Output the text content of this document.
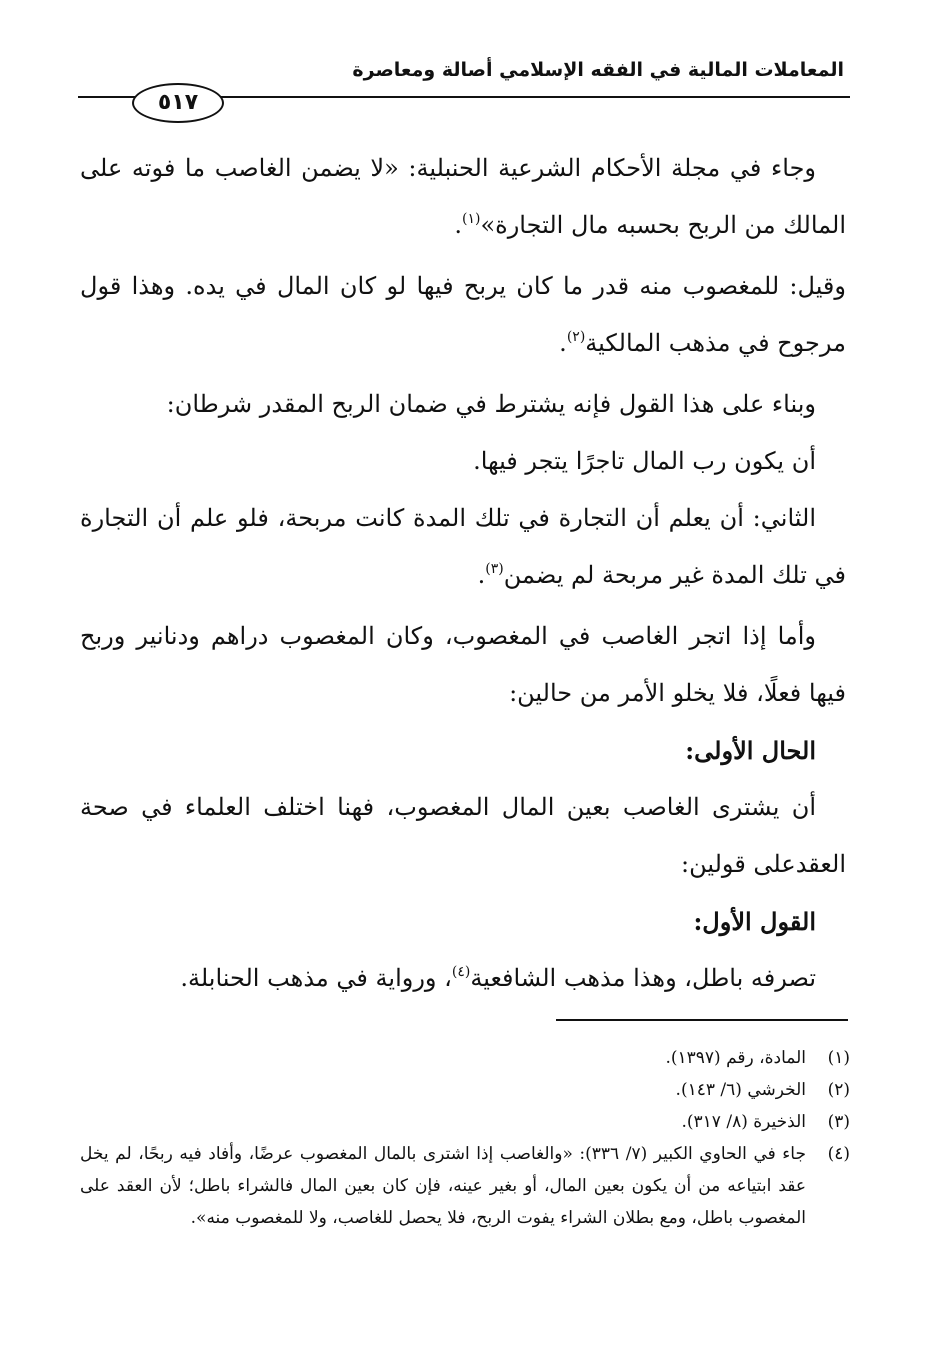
المعاملات المالية في الفقه الإسلامي أصالة ومعاصرة
٥١٧

وجاء في مجلة الأحكام الشرعية الحنبلية: «لا يضمن الغاصب ما فوته على المالك من الربح بحسبه مال التجارة»$^{(١)}$.

وقيل: للمغصوب منه قدر ما كان يربح فيها لو كان المال في يده. وهذا قول مرجوح في مذهب المالكية$^{(٢)}$.

وبناء على هذا القول فإنه يشترط في ضمان الربح المقدر شرطان:

أن يكون رب المال تاجرًا يتجر فيها.

الثاني: أن يعلم أن التجارة في تلك المدة كانت مربحة، فلو علم أن التجارة في تلك المدة غير مربحة لم يضمن$^{(٣)}$.

وأما إذا اتجر الغاصب في المغصوب، وكان المغصوب دراهم ودنانير وربح فيها فعلًا، فلا يخلو الأمر من حالين:

الحال الأولى:

أن يشترى الغاصب بعين المال المغصوب، فهنا اختلف العلماء في صحة العقدعلى قولين:

القول الأول:

تصرفه باطل، وهذا مذهب الشافعية$^{(٤)}$، ورواية في مذهب الحنابلة.

(١)
المادة، رقم (١٣٩٧).
(٢)
الخرشي (٦/ ١٤٣).
(٣)
الذخيرة (٨/ ٣١٧).
(٤)
جاء في الحاوي الكبير (٧/ ٣٣٦): «والغاصب إذا اشترى بالمال المغصوب عرضًا، وأفاد فيه ربحًا، لم يخل عقد ابتياعه من أن يكون بعين المال، أو بغير عينه، فإن كان بعين المال فالشراء باطل؛ لأن العقد على المغصوب باطل، ومع بطلان الشراء يفوت الربح، فلا يحصل للغاصب، ولا للمغصوب منه».
